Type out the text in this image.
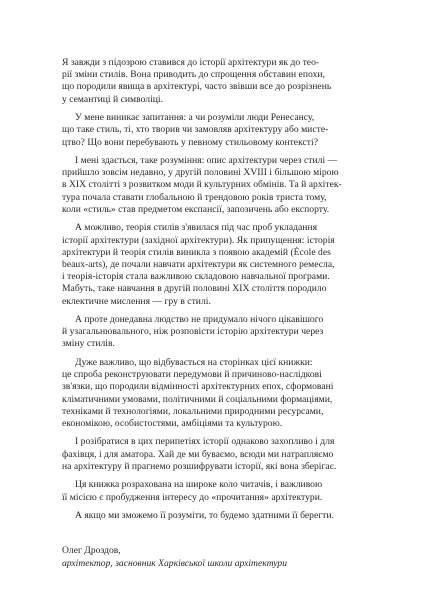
Я завжди з підозрою ставився до історії архітектури як до тео-
рії зміни стилів. Вона приводить до спрощення обставин епохи,
що породили явища в архітектурі, часто звівши все до розрізнень
у семантиці й символіці.

У мене виникає запитання: а чи розуміли люди Ренесансу,
що таке стиль, ті, хто творив чи замовляв архітектуру або мисте-
цтво? Що вони перебувають у певному стильовому контексті?

І мені здається, таке розуміння: опис архітектури через стилі —
прийшло зовсім недавно, у другій половині XVIII і більшою мірою
в XIX столітті з розвитком моди й культурних обмінів. Та й архітек-
тура почала ставати глобальною й трендовою років триста тому,
коли «стиль» став предметом експансії, запозичень або експорту.

А можливо, теорія стилів з'явилася під час проб укладання
історії архітектури (західної архітектури). Як припущення: історія
архітектури й теорія стилів виникла з появою академій (École des
beaux-arts), де почали навчати архітектури як системного ремесла,
і теорія-історія стала важливою складовою навчальної програми.
Мабуть, таке навчання в другій половині XIX століття породило
еклектичне мислення — гру в стилі.

А проте донедавна людство не придумало нічого цікавішого
й узагальнювального, ніж розповісти історію архітектури через
зміну стилів.

Дуже важливо, що відбувається на сторінках цієї книжки:
це спроба реконструювати передумови й причиново-наслідкові
зв'язки, що породили відмінності архітектурних епох, сформовані
кліматичними умовами, політичними й соціальними формаціями,
техніками й технологіями, локальними природними ресурсами,
економікою, особистостями, амбіціями та культурою.

І розібратися в цих перипетіях історії однаково захопливо і для
фахівця, і для аматора. Хай де ми буваємо, всюди ми натрапляємо
на архітектуру й прагнемо розшифрувати історії, які вона зберігає.

Ця книжка розрахована на широке коло читачів, і важливою
її місією є пробудження інтересу до «прочитання» архітектури.

А якщо ми зможемо її розуміти, то будемо здатними її берегти.

Олег Дроздов,
архітектор, засновник Харківської школи архітектури
